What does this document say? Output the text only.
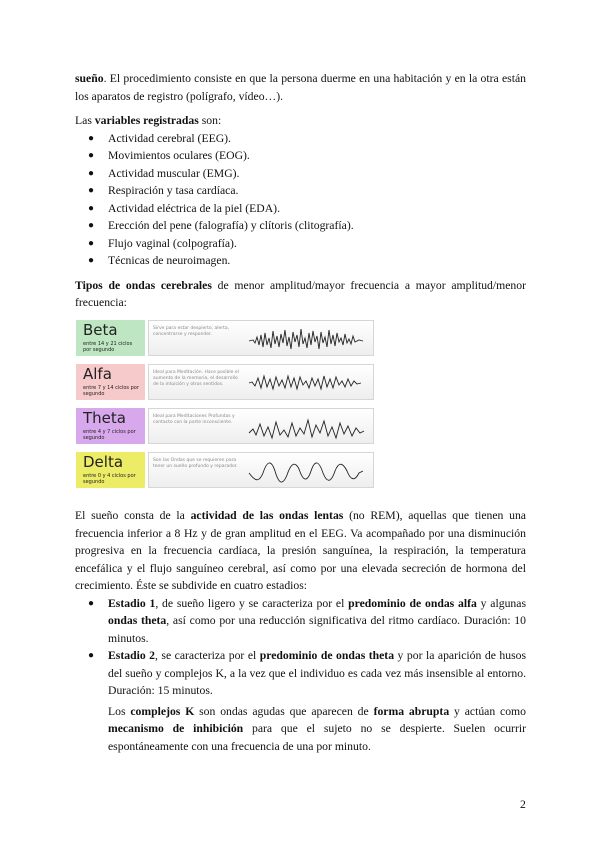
sueño. El procedimiento consiste en que la persona duerme en una habitación y en la otra están los aparatos de registro (polígrafo, vídeo…).

Las variables registradas son:

● Actividad cerebral (EEG).
● Movimientos oculares (EOG).
● Actividad muscular (EMG).
● Respiración y tasa cardíaca.
● Actividad eléctrica de la piel (EDA).
● Erección del pene (falografía) y clítoris (clitografía).
● Flujo vaginal (colpografía).
● Técnicas de neuroimagen.

Tipos de ondas cerebrales de menor amplitud/mayor frecuencia a mayor amplitud/menor frecuencia:

Beta
entre 14 y 21 ciclos por segundo
Sirve para estar despierto, alerta, concentrarse y responder.
Alfa
entre 7 y 14 ciclos por segundo
Ideal para Meditación. Hace posible el aumento de la memoria, el desarrollo de la intuición y otros sentidos.
Theta
entre 4 y 7 ciclos por segundo
Ideal para Meditaciones Profundas y contacto con la parte inconsciente.
Delta
entre 0 y 4 ciclos por segundo
Son las Ondas que se requieren para tener un sueño profundo y reparador.

El sueño consta de la actividad de las ondas lentas (no REM), aquellas que tienen una frecuencia inferior a 8 Hz y de gran amplitud en el EEG. Va acompañado por una disminución progresiva en la frecuencia cardíaca, la presión sanguínea, la respiración, la temperatura encefálica y el flujo sanguíneo cerebral, así como por una elevada secreción de hormona del crecimiento. Éste se subdivide en cuatro estadios:

● Estadio 1, de sueño ligero y se caracteriza por el predominio de ondas alfa y algunas ondas theta, así como por una reducción significativa del ritmo cardíaco. Duración: 10 minutos.
● Estadio 2, se caracteriza por el predominio de ondas theta y por la aparición de husos del sueño y complejos K, a la vez que el individuo es cada vez más insensible al entorno. Duración: 15 minutos.

Los complejos K son ondas agudas que aparecen de forma abrupta y actúan como mecanismo de inhibición para que el sujeto no se despierte. Suelen ocurrir espontáneamente con una frecuencia de una por minuto.

2
